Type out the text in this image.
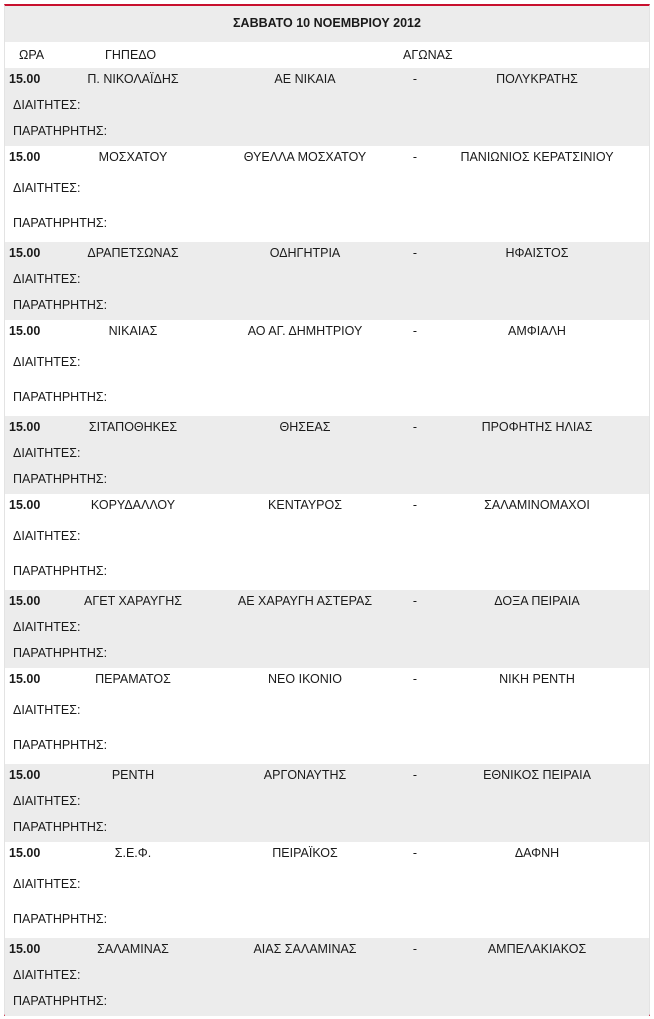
ΣΑΒΒΑΤΟ 10 ΝΟΕΜΒΡΙΟΥ 2012
ΩΡΑ	ΓΗΠΕΔΟ	ΑΓΩΝΑΣ
15.00	Π. ΝΙΚΟΛΑΪΔΗΣ	ΑΕ ΝΙΚΑΙΑ	-	ΠΟΛΥΚΡΑΤΗΣ
ΔΙΑΙΤΗΤΕΣ:
ΠΑΡΑΤΗΡΗΤΗΣ:
15.00	ΜΟΣΧΑΤΟΥ	ΘΥΕΛΛΑ ΜΟΣΧΑΤΟΥ	-	ΠΑΝΙΩΝΙΟΣ ΚΕΡΑΤΣΙΝΙΟΥ
ΔΙΑΙΤΗΤΕΣ:
ΠΑΡΑΤΗΡΗΤΗΣ:
15.00	ΔΡΑΠΕΤΣΩΝΑΣ	ΟΔΗΓΗΤΡΙΑ	-	ΗΦΑΙΣΤΟΣ
ΔΙΑΙΤΗΤΕΣ:
ΠΑΡΑΤΗΡΗΤΗΣ:
15.00	ΝΙΚΑΙΑΣ	ΑΟ ΑΓ. ΔΗΜΗΤΡΙΟΥ	-	ΑΜΦΙΑΛΗ
ΔΙΑΙΤΗΤΕΣ:
ΠΑΡΑΤΗΡΗΤΗΣ:
15.00	ΣΙΤΑΠΟΘΗΚΕΣ	ΘΗΣΕΑΣ	-	ΠΡΟΦΗΤΗΣ ΗΛΙΑΣ
ΔΙΑΙΤΗΤΕΣ:
ΠΑΡΑΤΗΡΗΤΗΣ:
15.00	ΚΟΡΥΔΑΛΛΟΥ	ΚΕΝΤΑΥΡΟΣ	-	ΣΑΛΑΜΙΝΟΜΑΧΟΙ
ΔΙΑΙΤΗΤΕΣ:
ΠΑΡΑΤΗΡΗΤΗΣ:
15.00	ΑΓΕΤ ΧΑΡΑΥΓΗΣ	ΑΕ ΧΑΡΑΥΓΗ ΑΣΤΕΡΑΣ	-	ΔΟΞΑ ΠΕΙΡΑΙΑ
ΔΙΑΙΤΗΤΕΣ:
ΠΑΡΑΤΗΡΗΤΗΣ:
15.00	ΠΕΡΑΜΑΤΟΣ	ΝΕΟ ΙΚΟΝΙΟ	-	ΝΙΚΗ ΡΕΝΤΗ
ΔΙΑΙΤΗΤΕΣ:
ΠΑΡΑΤΗΡΗΤΗΣ:
15.00	ΡΕΝΤΗ	ΑΡΓΟΝΑΥΤΗΣ	-	ΕΘΝΙΚΟΣ ΠΕΙΡΑΙΑ
ΔΙΑΙΤΗΤΕΣ:
ΠΑΡΑΤΗΡΗΤΗΣ:
15.00	Σ.Ε.Φ.	ΠΕΙΡΑΪΚΟΣ	-	ΔΑΦΝΗ
ΔΙΑΙΤΗΤΕΣ:
ΠΑΡΑΤΗΡΗΤΗΣ:
15.00	ΣΑΛΑΜΙΝΑΣ	ΑΙΑΣ ΣΑΛΑΜΙΝΑΣ	-	ΑΜΠΕΛΑΚΙΑΚΟΣ
ΔΙΑΙΤΗΤΕΣ:
ΠΑΡΑΤΗΡΗΤΗΣ:
